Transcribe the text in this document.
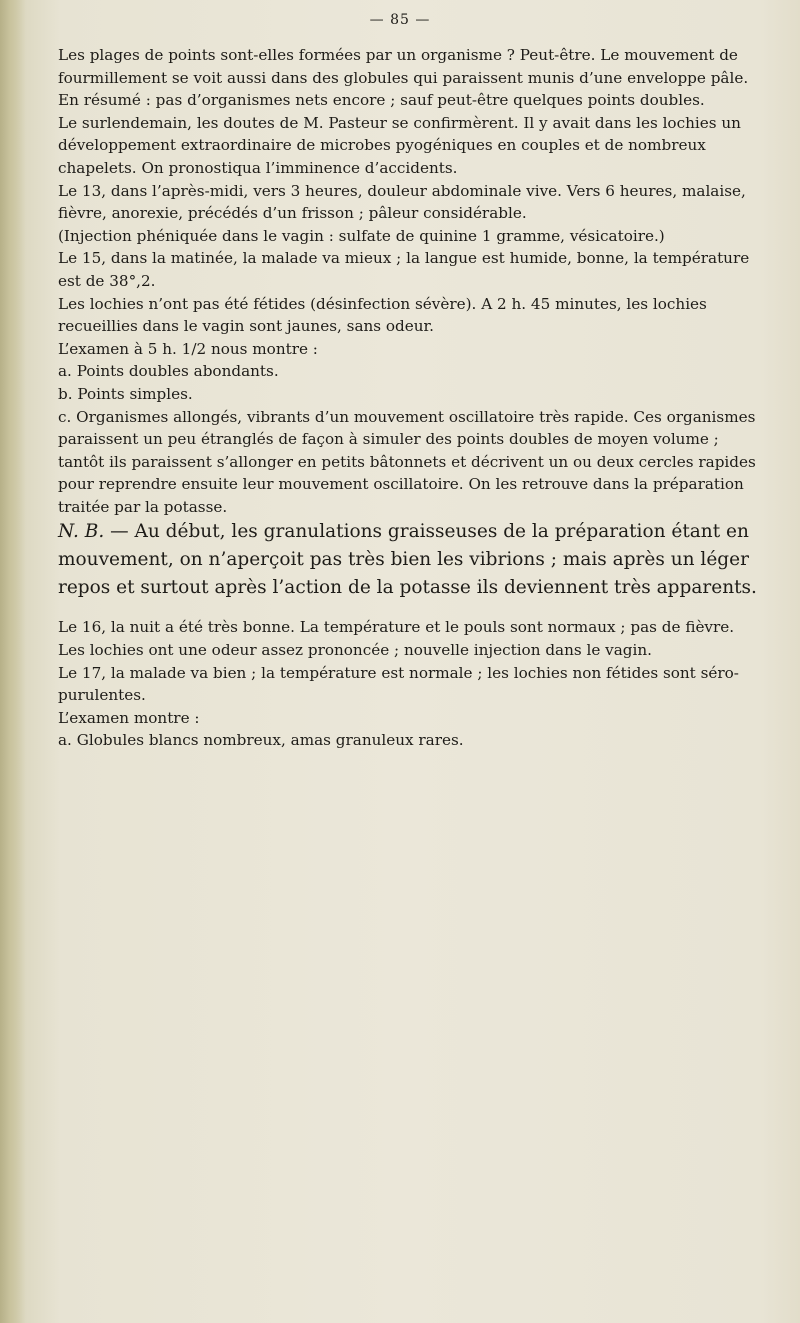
— 85 —

Les plages de points sont-elles formées par un organisme ? Peut-être. Le mouvement de fourmillement se voit aussi dans des globules qui paraissent munis d’une enveloppe pâle.

En résumé : pas d’organismes nets encore ; sauf peut-être quelques points doubles.

Le surlendemain, les doutes de M. Pasteur se confirmèrent. Il y avait dans les lochies un développement extraordinaire de microbes pyogéniques en couples et de nombreux chapelets. On pronostiqua l’imminence d’accidents.

Le 13, dans l’après-midi, vers 3 heures, douleur abdominale vive. Vers 6 heures, malaise, fièvre, anorexie, précédés d’un frisson ; pâleur considérable.

(Injection phéniquée dans le vagin : sulfate de quinine 1 gramme, vésicatoire.)

Le 15, dans la matinée, la malade va mieux ; la langue est humide, bonne, la température est de 38°,2.

Les lochies n’ont pas été fétides (désinfection sévère). A 2 h. 45 minutes, les lochies recueillies dans le vagin sont jaunes, sans odeur.

L’examen à 5 h. 1/2 nous montre :

a. Points doubles abondants.

b. Points simples.

c. Organismes allongés, vibrants d’un mouvement oscillatoire très rapide. Ces organismes paraissent un peu étranglés de façon à simuler des points doubles de moyen volume ; tantôt ils paraissent s’allonger en petits bâtonnets et décrivent un ou deux cercles rapides pour reprendre ensuite leur mouvement oscillatoire. On les retrouve dans la préparation traitée par la potasse.

N. B. — Au début, les granulations graisseuses de la préparation étant en mouvement, on n’aperçoit pas très bien les vibrions ; mais après un léger repos et surtout après l’action de la potasse ils deviennent très apparents.

Le 16, la nuit a été très bonne. La température et le pouls sont normaux ; pas de fièvre.

Les lochies ont une odeur assez prononcée ; nouvelle injection dans le vagin.

Le 17, la malade va bien ; la température est normale ; les lochies non fétides sont séro-purulentes.

L’examen montre :

a. Globules blancs nombreux, amas granuleux rares.
